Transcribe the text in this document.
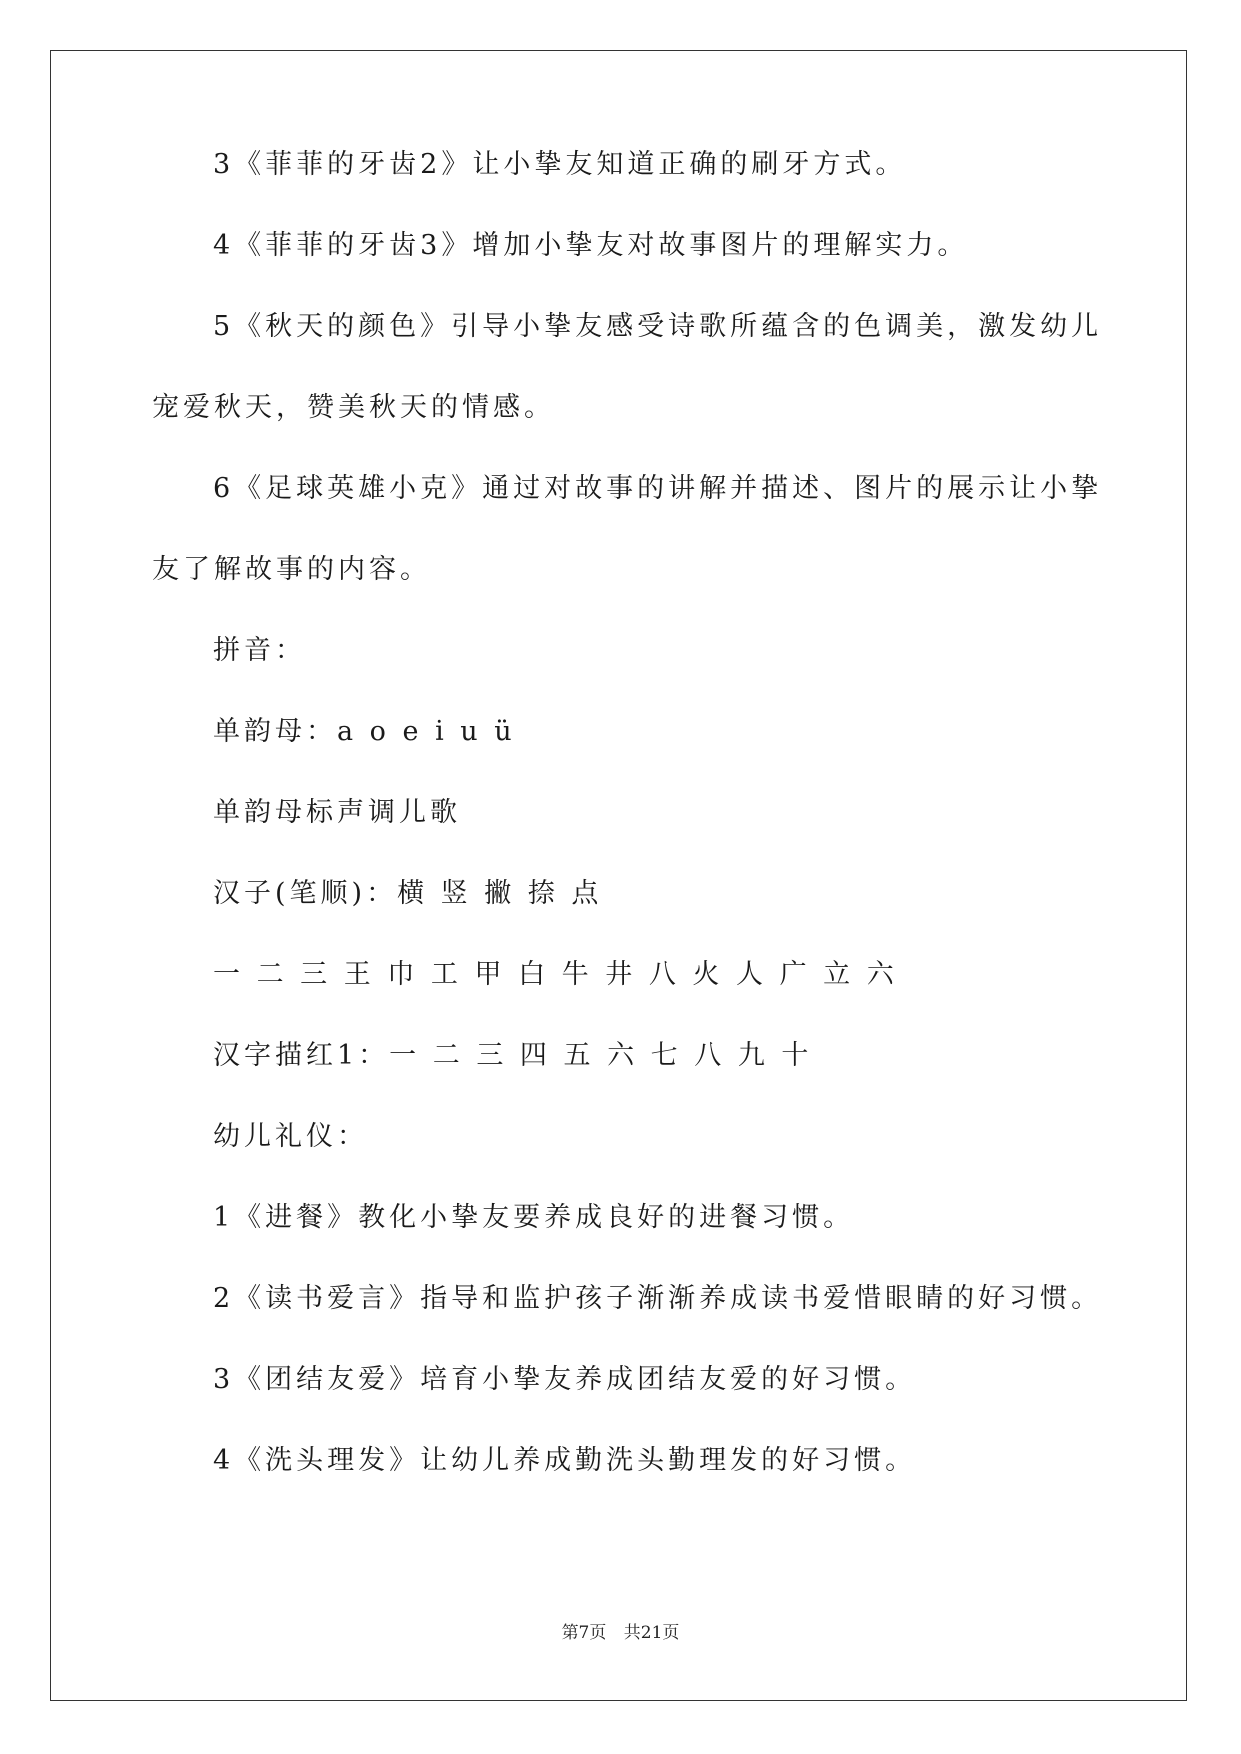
3《菲菲的牙齿2》让小挚友知道正确的刷牙方式。
4《菲菲的牙齿3》增加小挚友对故事图片的理解实力。
5《秋天的颜色》引导小挚友感受诗歌所蕴含的色调美，激发幼儿
宠爱秋天，赞美秋天的情感。
6《足球英雄小克》通过对故事的讲解并描述、图片的展示让小挚
友了解故事的内容。
拼音：
单韵母：a o e i u ü
单韵母标声调儿歌
汉子(笔顺)：横 竖 撇 捺 点
一 二 三 王 巾 工 甲 白 牛 井 八 火 人 广 立 六
汉字描红1：一 二 三 四 五 六 七 八 九 十
幼儿礼仪：
1《进餐》教化小挚友要养成良好的进餐习惯。
2《读书爱言》指导和监护孩子渐渐养成读书爱惜眼睛的好习惯。
3《团结友爱》培育小挚友养成团结友爱的好习惯。
4《洗头理发》让幼儿养成勤洗头勤理发的好习惯。
第7页 共21页
